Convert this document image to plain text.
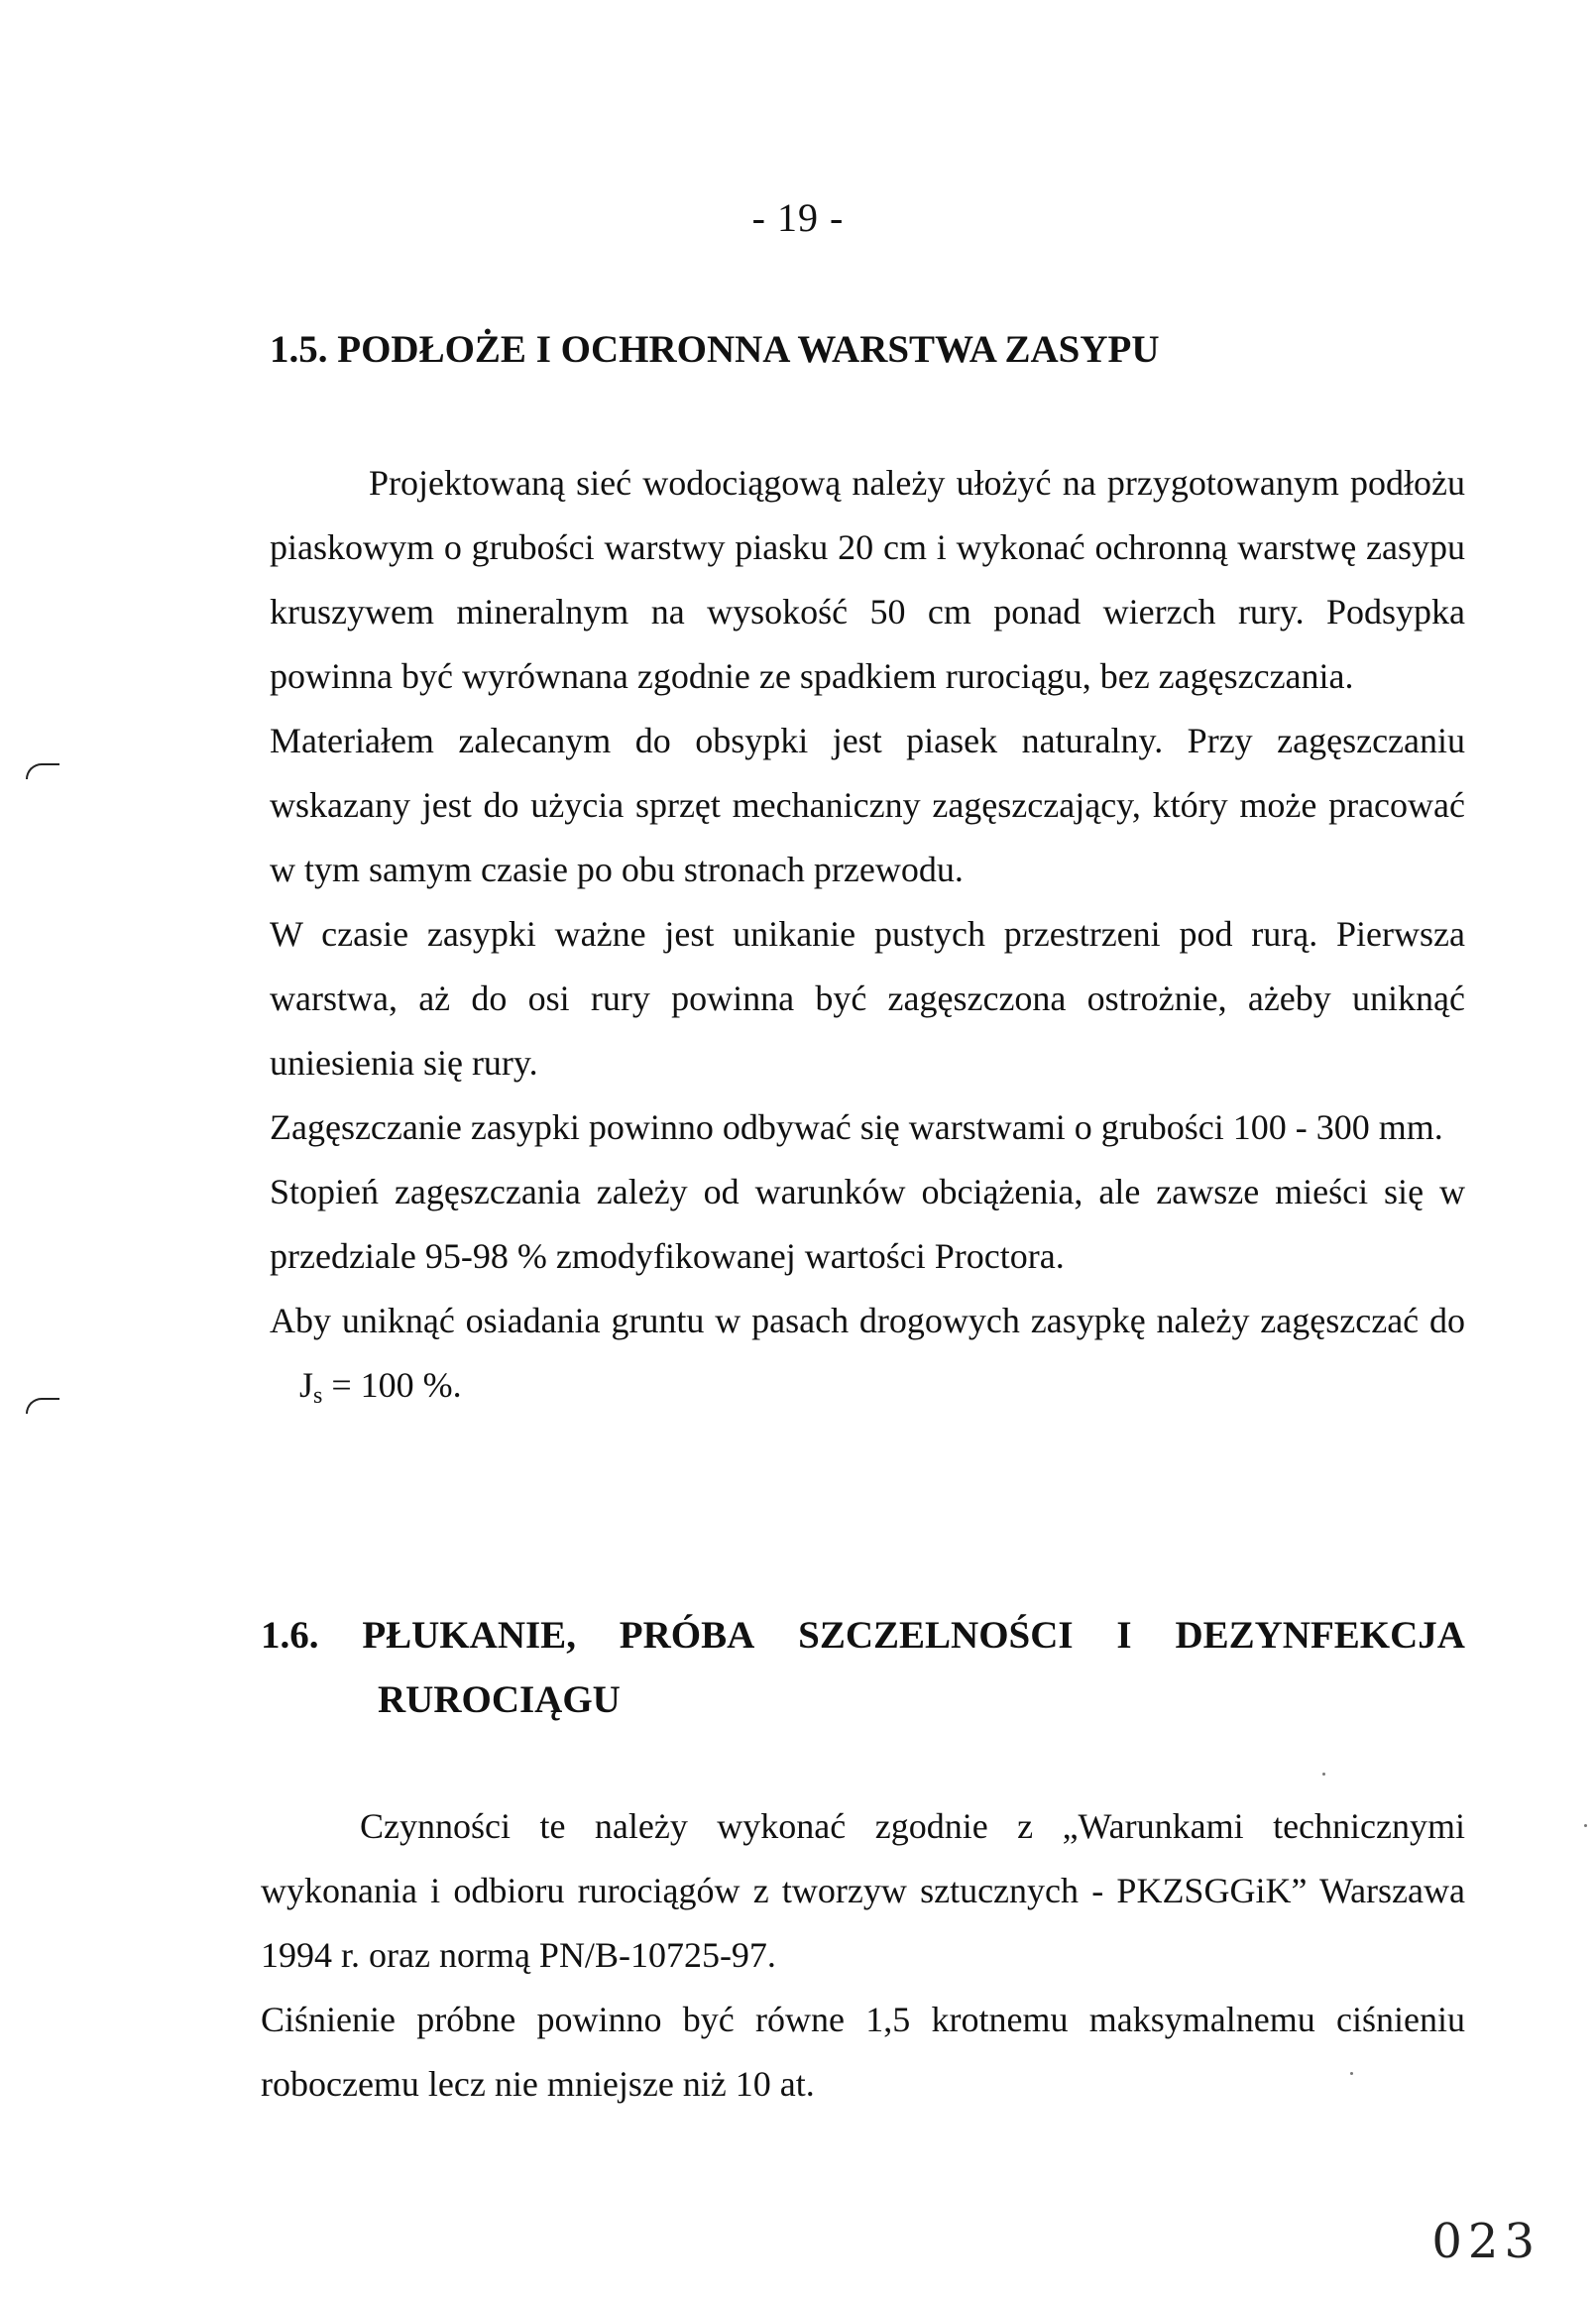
- 19 -
1.5. PODŁOŻE I OCHRONNA WARSTWA ZASYPU

Projektowaną sieć wodociągową należy ułożyć na przygotowanym podłożu piaskowym o grubości warstwy piasku 20 cm i wykonać ochronną warstwę zasypu kruszywem mineralnym na wysokość 50 cm ponad wierzch rury. Podsypka powinna być wyrównana zgodnie ze spadkiem rurociągu, bez zagęszczania.

Materiałem zalecanym do obsypki jest piasek naturalny. Przy zagęszczaniu wskazany jest do użycia sprzęt mechaniczny zagęszczający, który może pracować w tym samym czasie po obu stronach przewodu.

W czasie zasypki ważne jest unikanie pustych przestrzeni pod rurą. Pierwsza warstwa, aż do osi rury powinna być zagęszczona ostrożnie, ażeby uniknąć uniesienia się rury.

Zagęszczanie zasypki powinno odbywać się warstwami o grubości 100 - 300 mm.

Stopień zagęszczania zależy od warunków obciążenia, ale zawsze mieści się w przedziale 95-98 % zmodyfikowanej wartości Proctora.

Aby uniknąć osiadania gruntu w pasach drogowych zasypkę należy zagęszczać do $J_s = 100$ %.

1.6. PŁUKANIE, PRÓBA SZCZELNOŚCI I DEZYNFEKCJA
RUROCIĄGU

Czynności te należy wykonać zgodnie z „Warunkami technicznymi wykonania i odbioru rurociągów z tworzyw sztucznych - PKZSGGiK” Warszawa 1994 r. oraz normą PN/B-10725-97.

Ciśnienie próbne powinno być równe 1,5 krotnemu maksymalnemu ciśnieniu roboczemu lecz nie mniejsze niż 10 at.

023
